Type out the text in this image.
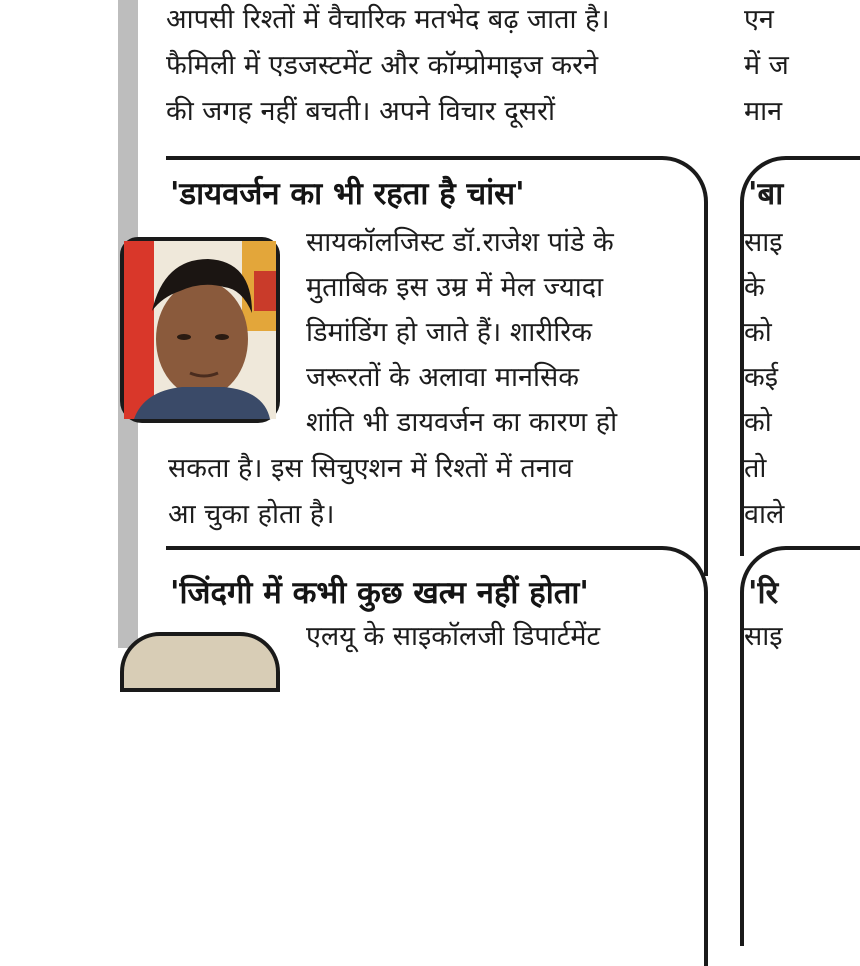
आपसी रिश्तों में वैचारिक मतभेद बढ़ जाता है।
फैमिली में एडजस्टमेंट और कॉम्प्रोमाइज करने
की जगह नहीं बचती। अपने विचार दूसरों
'डायवर्जन का भी रहता है चांस'
सायकॉलजिस्ट डॉ.राजेश पांडे के
मुताबिक इस उम्र में मेल ज्यादा
डिमांडिंग हो जाते हैं। शारीरिक
जरूरतों के अलावा मानसिक
शांति भी डायवर्जन का कारण हो
सकता है। इस सिचुएशन में रिश्तों में तनाव
आ चुका होता है।
'जिंदगी में कभी कुछ खत्म नहीं होता'
एलयू के साइकॉलजी डिपार्टमेंट
एन
में ज
मान
'बा
साइ
के
को
कई
को
तो
वाले
'रि
साइ
